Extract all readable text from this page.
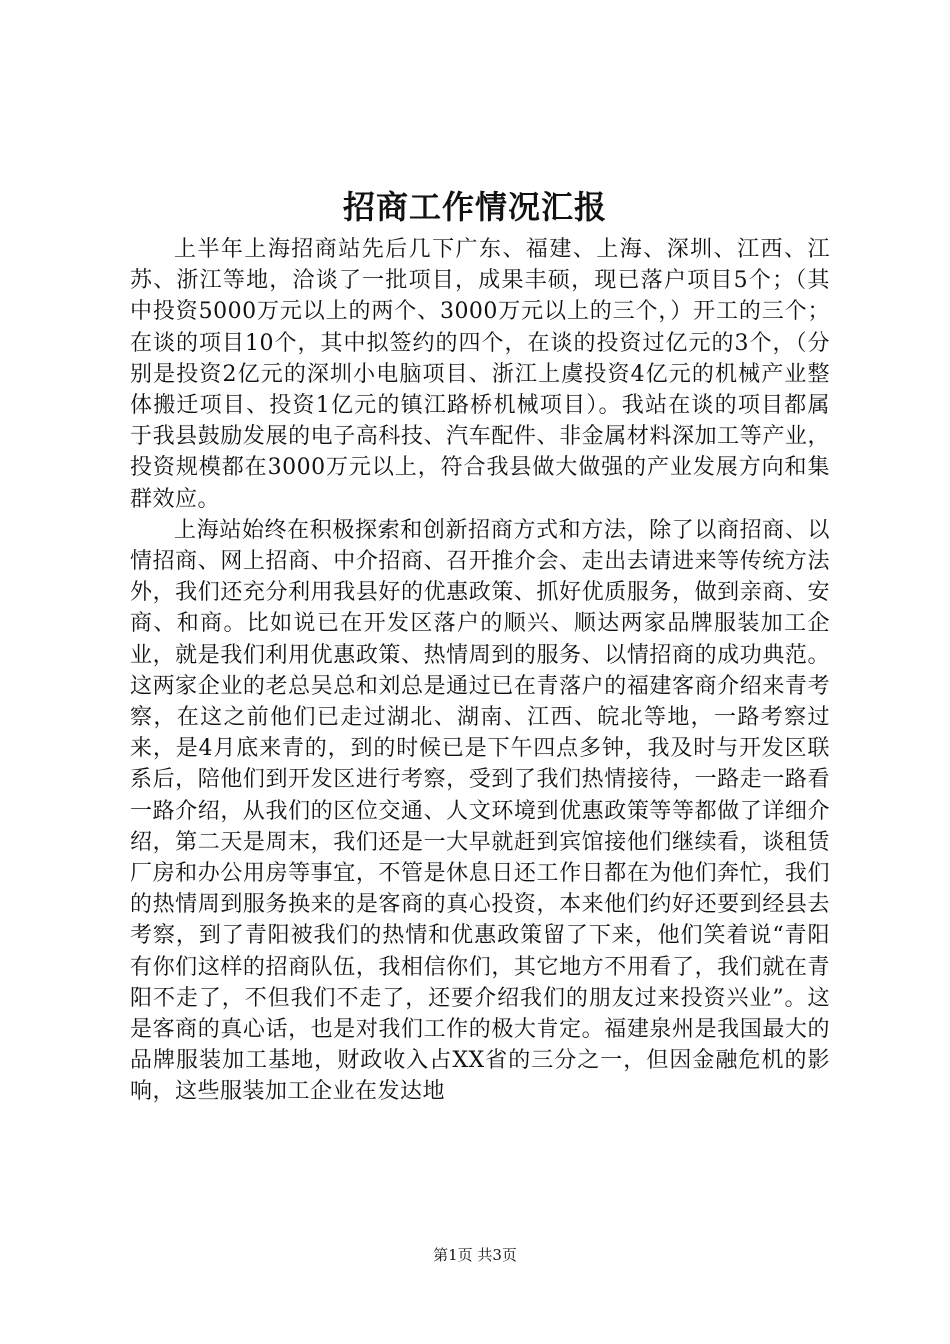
招商工作情况汇报

上半年上海招商站先后几下广东、福建、上海、深圳、江西、江苏、浙江等地，洽谈了一批项目，成果丰硕，现已落户项目5个；（其中投资5000万元以上的两个、3000万元以上的三个，）开工的三个；在谈的项目10个，其中拟签约的四个，在谈的投资过亿元的3个，（分别是投资2亿元的深圳小电脑项目、浙江上虞投资4亿元的机械产业整体搬迁项目、投资1亿元的镇江路桥机械项目）。我站在谈的项目都属于我县鼓励发展的电子高科技、汽车配件、非金属材料深加工等产业，投资规模都在3000万元以上，符合我县做大做强的产业发展方向和集群效应。

上海站始终在积极探索和创新招商方式和方法，除了以商招商、以情招商、网上招商、中介招商、召开推介会、走出去请进来等传统方法外，我们还充分利用我县好的优惠政策、抓好优质服务，做到亲商、安商、和商。比如说已在开发区落户的顺兴、顺达两家品牌服装加工企业，就是我们利用优惠政策、热情周到的服务、以情招商的成功典范。这两家企业的老总吴总和刘总是通过已在青落户的福建客商介绍来青考察，在这之前他们已走过湖北、湖南、江西、皖北等地，一路考察过来，是4月底来青的，到的时候已是下午四点多钟，我及时与开发区联系后，陪他们到开发区进行考察，受到了我们热情接待，一路走一路看一路介绍，从我们的区位交通、人文环境到优惠政策等等都做了详细介绍，第二天是周末，我们还是一大早就赶到宾馆接他们继续看，谈租赁厂房和办公用房等事宜，不管是休息日还工作日都在为他们奔忙，我们的热情周到服务换来的是客商的真心投资，本来他们约好还要到经县去考察，到了青阳被我们的热情和优惠政策留了下来，他们笑着说“青阳有你们这样的招商队伍，我相信你们，其它地方不用看了，我们就在青阳不走了，不但我们不走了，还要介绍我们的朋友过来投资兴业”。这是客商的真心话，也是对我们工作的极大肯定。福建泉州是我国最大的品牌服装加工基地，财政收入占XX省的三分之一，但因金融危机的影响，这些服装加工企业在发达地

第1页 共3页
